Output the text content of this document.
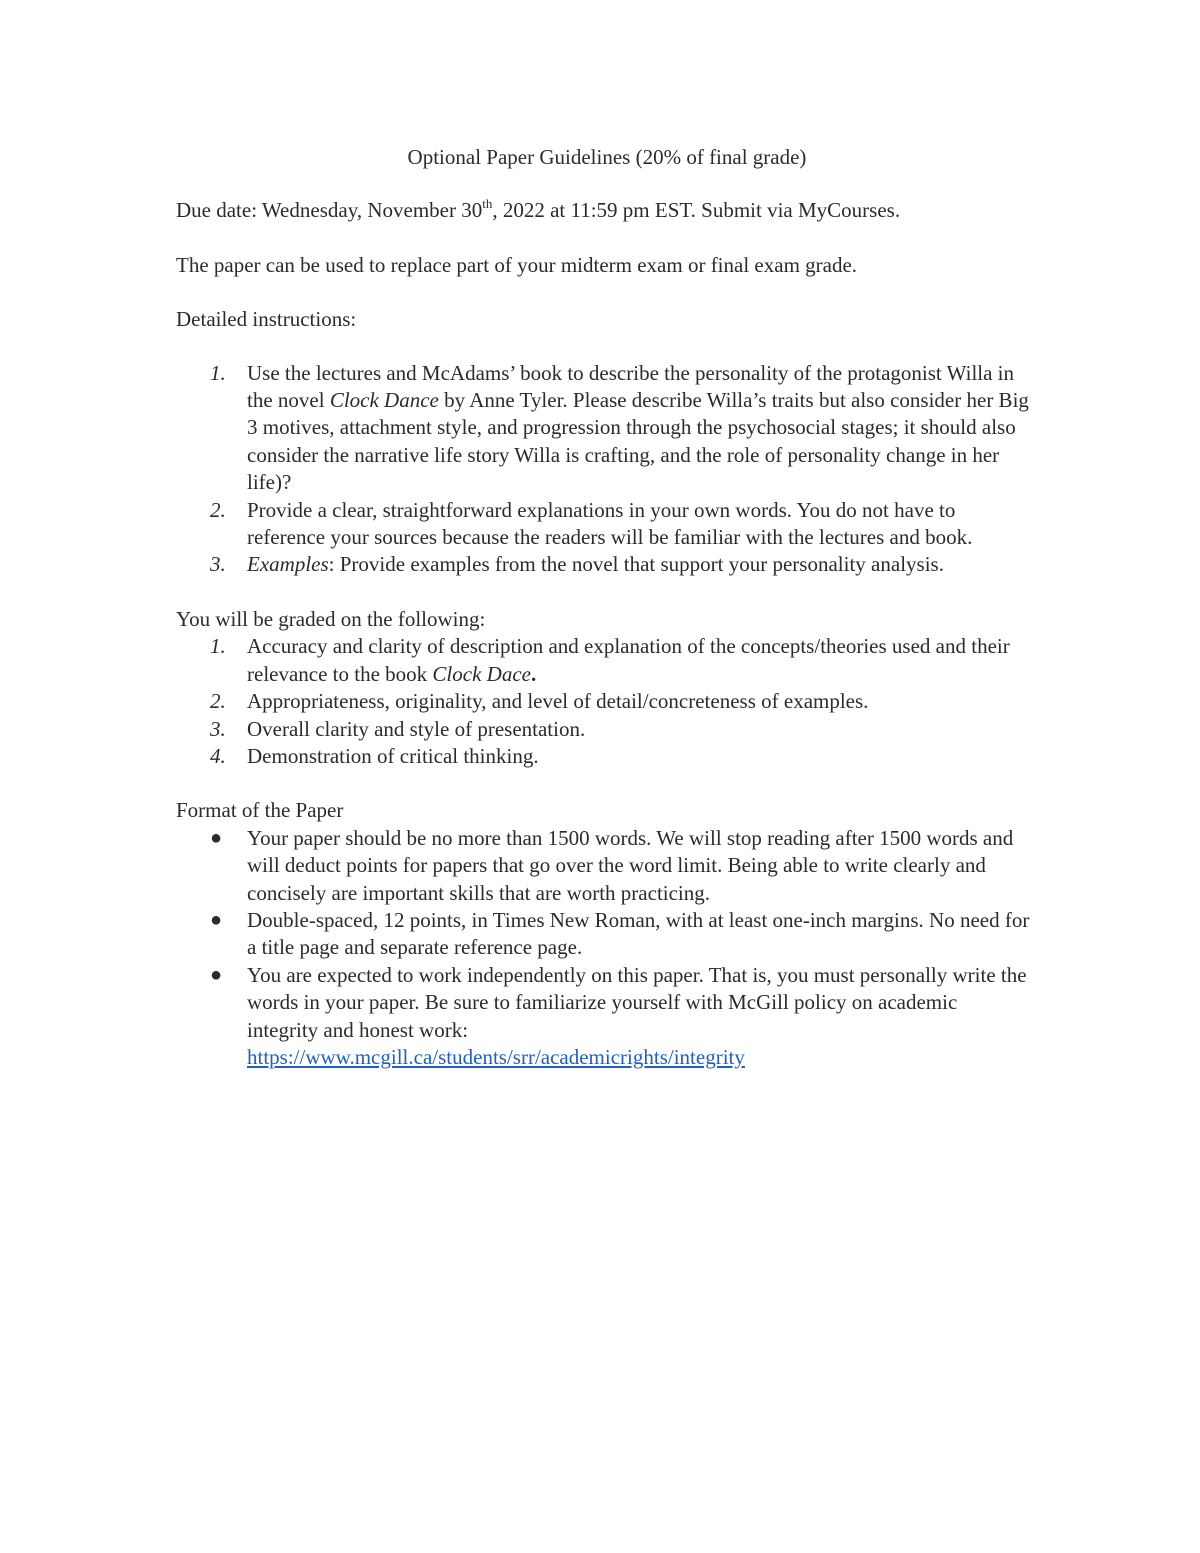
Optional Paper Guidelines (20% of final grade)

Due date: Wednesday, November 30th, 2022 at 11:59 pm EST. Submit via MyCourses.

The paper can be used to replace part of your midterm exam or final exam grade.

Detailed instructions:

1. Use the lectures and McAdams’ book to describe the personality of the protagonist Willa in the novel Clock Dance by Anne Tyler. Please describe Willa’s traits but also consider her Big 3 motives, attachment style, and progression through the psychosocial stages; it should also consider the narrative life story Willa is crafting, and the role of personality change in her life)?
2. Provide a clear, straightforward explanations in your own words. You do not have to reference your sources because the readers will be familiar with the lectures and book.
3. Examples: Provide examples from the novel that support your personality analysis.

You will be graded on the following:

1. Accuracy and clarity of description and explanation of the concepts/theories used and their relevance to the book Clock Dace.
2. Appropriateness, originality, and level of detail/concreteness of examples.
3. Overall clarity and style of presentation.
4. Demonstration of critical thinking.

Format of the Paper

● Your paper should be no more than 1500 words. We will stop reading after 1500 words and will deduct points for papers that go over the word limit. Being able to write clearly and concisely are important skills that are worth practicing.
● Double-spaced, 12 points, in Times New Roman, with at least one-inch margins. No need for a title page and separate reference page.
● You are expected to work independently on this paper. That is, you must personally write the words in your paper. Be sure to familiarize yourself with McGill policy on academic integrity and honest work:
https://www.mcgill.ca/students/srr/academicrights/integrity
